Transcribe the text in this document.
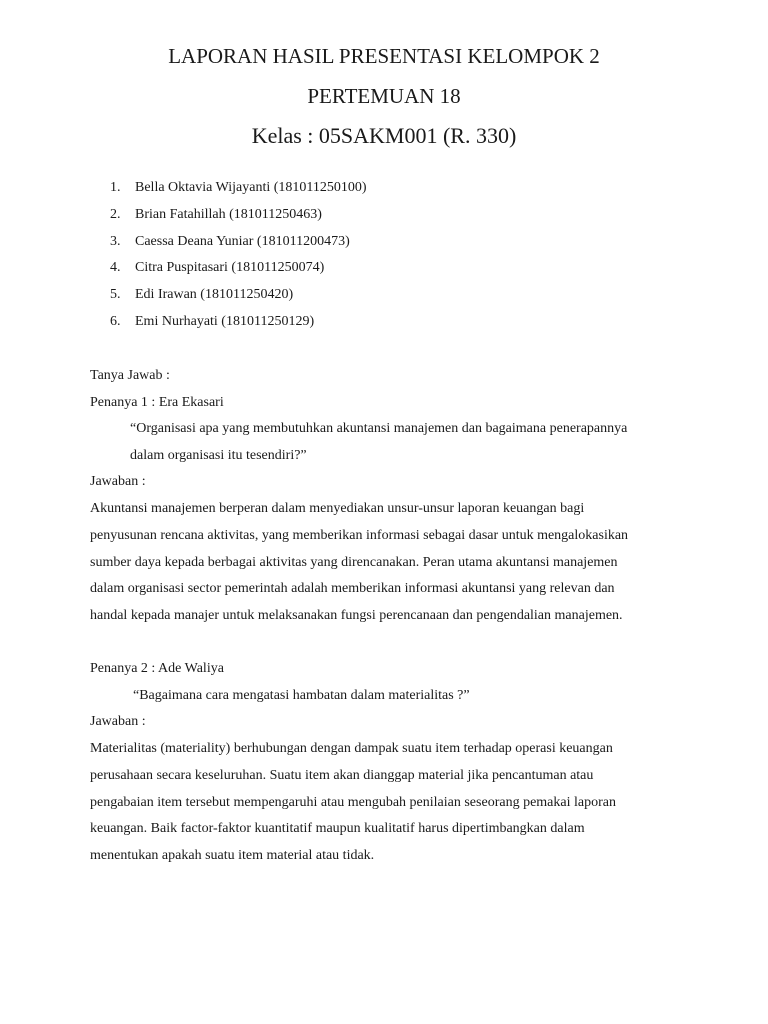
LAPORAN HASIL PRESENTASI KELOMPOK 2
PERTEMUAN 18
Kelas : 05SAKM001 (R. 330)
1. Bella Oktavia Wijayanti (181011250100)
2. Brian Fatahillah (181011250463)
3. Caessa Deana Yuniar (181011200473)
4. Citra Puspitasari (181011250074)
5. Edi Irawan (181011250420)
6. Emi Nurhayati (181011250129)
Tanya Jawab :
Penanya 1 : Era Ekasari
“Organisasi apa yang membutuhkan akuntansi manajemen dan bagaimana penerapannya
dalam organisasi itu tesendiri?”
Jawaban :
Akuntansi manajemen berperan dalam menyediakan unsur-unsur laporan keuangan bagi
penyusunan rencana aktivitas, yang memberikan informasi sebagai dasar untuk mengalokasikan
sumber daya kepada berbagai aktivitas yang direncanakan. Peran utama akuntansi manajemen
dalam organisasi sector pemerintah adalah memberikan informasi akuntansi yang relevan dan
handal kepada manajer untuk melaksanakan fungsi perencanaan dan pengendalian manajemen.
Penanya 2 : Ade Waliya
“Bagaimana cara mengatasi hambatan dalam materialitas ?”
Jawaban :
Materialitas (materiality) berhubungan dengan dampak suatu item terhadap operasi keuangan
perusahaan secara keseluruhan. Suatu item akan dianggap material jika pencantuman atau
pengabaian item tersebut mempengaruhi atau mengubah penilaian seseorang pemakai laporan
keuangan. Baik factor-faktor kuantitatif maupun kualitatif harus dipertimbangkan dalam
menentukan apakah suatu item material atau tidak.
